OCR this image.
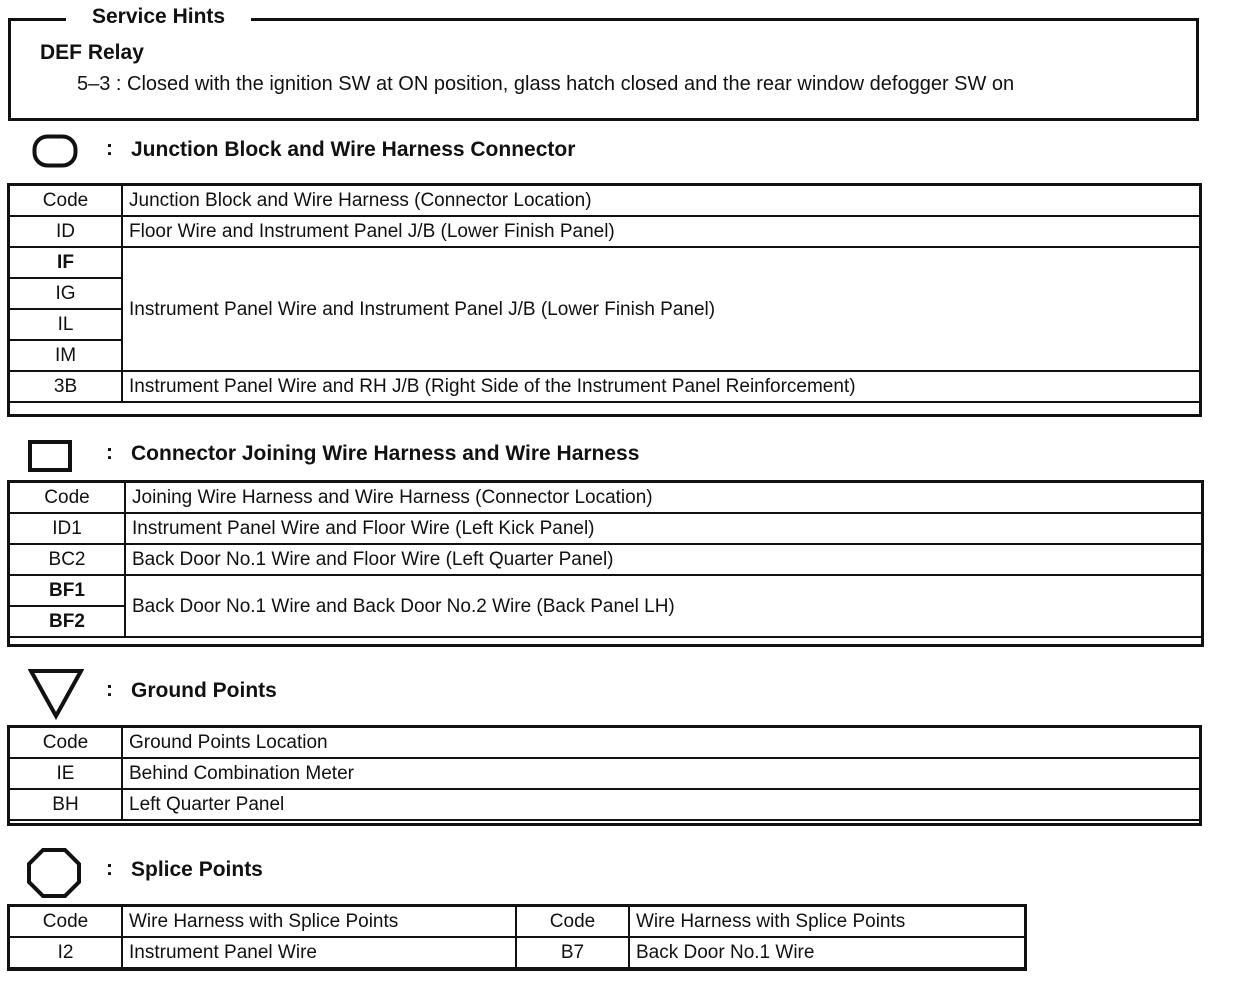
Service Hints
DEF Relay
5–3 : Closed with the ignition SW at ON position, glass hatch closed and the rear window defogger SW on
: Junction Block and Wire Harness Connector
Code	Junction Block and Wire Harness (Connector Location)
ID	Floor Wire and Instrument Panel J/B (Lower Finish Panel)
IF	Instrument Panel Wire and Instrument Panel J/B (Lower Finish Panel)
IG	
IL	
IM	
3B	Instrument Panel Wire and RH J/B (Right Side of the Instrument Panel Reinforcement)
: Connector Joining Wire Harness and Wire Harness
Code	Joining Wire Harness and Wire Harness (Connector Location)
ID1	Instrument Panel Wire and Floor Wire (Left Kick Panel)
BC2	Back Door No.1 Wire and Floor Wire (Left Quarter Panel)
BF1	Back Door No.1 Wire and Back Door No.2 Wire (Back Panel LH)
BF2	
: Ground Points
Code	Ground Points Location
IE	Behind Combination Meter
BH	Left Quarter Panel
: Splice Points
Code	Wire Harness with Splice Points	Code	Wire Harness with Splice Points
I2	Instrument Panel Wire	B7	Back Door No.1 Wire
